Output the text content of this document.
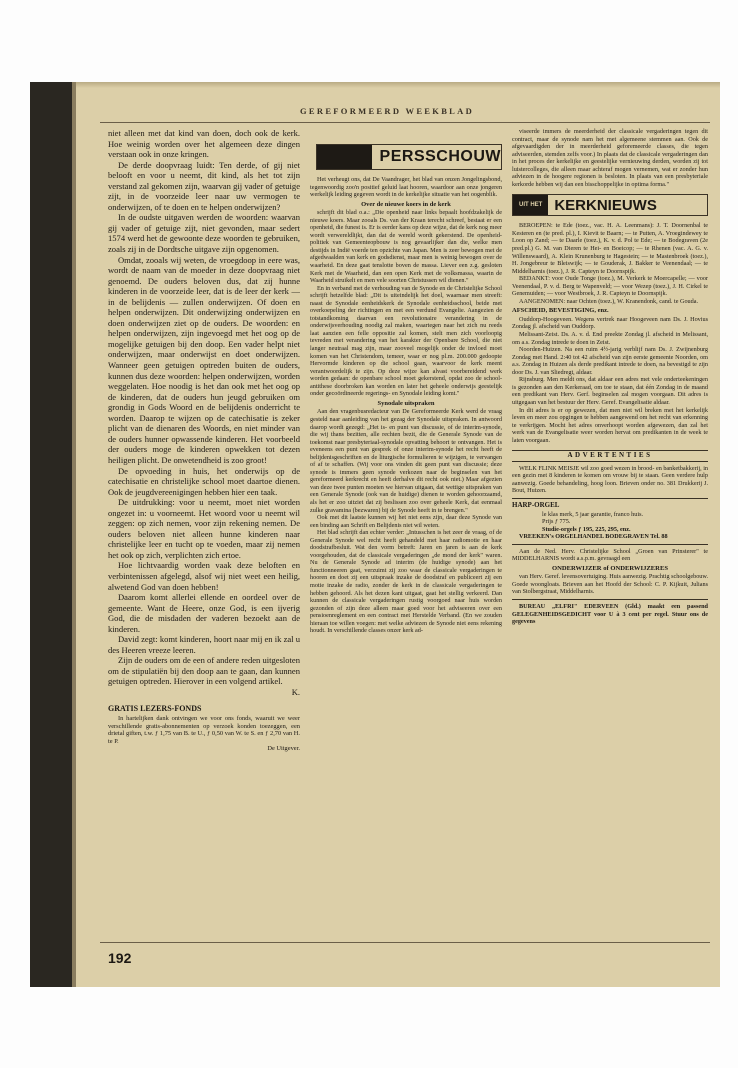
GEREFORMEERD WEEKBLAD

niet alleen met dat kind van doen, doch ook de kerk. Hoe weinig worden over het algemeen deze dingen verstaan ook in onze kringen.

De derde doopvraag luidt: Ten derde, of gij niet belooft en voor u neemt, dit kind, als het tot zijn verstand zal gekomen zijn, waarvan gij vader of getuige zijt, in de voorzeide leer naar uw vermogen te onderwijzen, of te doen en te helpen onderwijzen?

In de oudste uitgaven werden de woorden: waarvan gij vader of getuige zijt, niet gevonden, maar sedert 1574 werd het de gewoonte deze woorden te gebruiken, zoals zij in de Dordtsche uitgave zijn opgenomen.

Omdat, zooals wij weten, de vroegdoop in eere was, wordt de naam van de moeder in deze doopvraag niet genoemd. De ouders beloven dus, dat zij hunne kinderen in de voorzeide leer, dat is de leer der kerk — in de belijdenis — zullen onderwijzen. Of doen en helpen onderwijzen. Dit onderwijzing onderwijzen en doen onderwijzen ziet op de ouders. De woorden: en helpen onderwijzen, zijn ingevoegd met het oog op de mogelijke getuigen bij den doop. Een vader helpt niet onderwijzen, maar onderwijst en doet onderwijzen. Wanneer geen getuigen optreden buiten de ouders, kunnen dus deze woorden: helpen onderwijzen, worden weggelaten. Hoe noodig is het dan ook met het oog op de kinderen, dat de ouders hun jeugd gebruiken om grondig in Gods Woord en de belijdenis onderricht te worden. Daarop te wijzen op de catechisatie is zeker plicht van de dienaren des Woords, en niet minder van de ouders hunner opwassende kinderen. Het voorbeeld der ouders moge de kinderen opwekken tot dezen heiligen plicht. De onwetendheid is zoo groot!

De opvoeding in huis, het onderwijs op de catechisatie en christelijke school moet daartoe dienen. Ook de jeugdvereenigingen hebben hier een taak.

De uitdrukking: voor u neemt, moet niet worden ongezet in: u voorneemt. Het woord voor u neemt wil zeggen: op zich nemen, voor zijn rekening nemen. De ouders beloven niet alleen hunne kinderen naar christelijke leer en tucht op te voeden, maar zij nemen het ook op zich, verplichten zich ertoe.

Hoe lichtvaardig worden vaak deze beloften en verbintenissen afgelegd, alsof wij niet weet een heilig, alwetend God van doen hebben!

Daarom komt allerlei ellende en oordeel over de gemeente. Want de Heere, onze God, is een ijverig God, die de misdaden der vaderen bezoekt aan de kinderen.

David zegt: komt kinderen, hoort naar mij en ik zal u des Heeren vreeze leeren.

Zijn de ouders om de een of andere reden uitgesloten om de stipulatiën bij den doop aan te gaan, dan kunnen getuigen optreden. Hierover in een volgend artikel.

K.

GRATIS LEZERS-FONDS

In hartelijken dank ontvingen we voor ons fonds, waaruit we weer verschillende gratis-abonnementen op verzoek konden toezeggen, een drietal giften, t.w. ƒ 1,75 van B. te U., ƒ 0,50 van W. te S. en ƒ 2,70 van H. te P.

De Uitgever.

PERSSCHOUW

Het verheugt ons, dat De Vaandrager, het blad van onzen Jongelingsbond, tegenwoordig zoo'n positief geluid laat hooren, waardoor aan onze jongeren werkelijk leiding gegeven wordt in de kerkelijke situatie van het oogenblik.

Over de nieuwe koers in de kerk

schrijft dit blad o.a.: „Die openheid naar links bepaalt hoofdzakelijk de nieuwe koers. Maar zooals Ds. van der Kraan terecht schreef, bestaat er een openheid, die funest is. Er is eerder kans op deze wijze, dat de kerk nog meer wordt verwereldlijkt, dan dat de wereld wordt gekerstend. De openheid-politiek van Gemeenteopbouw is nog gevaarlijker dan die, welke men destijds in Indië voerde ten opzichte van Japan. Men is zeer bewogen met de afgedwaalden van kerk en godsdienst, maar men is weinig bewogen over de waarheid. En deze gaat tenslotte boven de massa. Liever een z.g. gesloten Kerk met de Waarheid, dan een open Kerk met de volksmassa, waarin de Waarheid struikelt en men vele soorten Christussen wil dienen."

En in verband met de verhouding van de Synode en de Christelijke School schrijft hetzelfde blad: „Dit is uiteindelijk het doel, waarnaar men streeft: naast de Synodale eenheidskerk de Synodale eenheidsschool, beide met overkoepeling der richtingen en met een verdund Evangelie. Aangezien de totstandkoming daarvan een revolutionaire verandering in de onderwijsverhouding noodig zal maken, waartegen naar het zich nu reeds laat aanzien een felle oppositie zal komen, stelt men zich voorloopig tevreden met verandering van het karakter der Openbare School, die niet langer neutraal mag zijn, maar zooveel mogelijk onder de invloed moet komen van het Christendom, temeer, waar er nog pl.m. 200.000 gedoopte Hervormde kinderen op die school gaan, waarvoor de kerk meent verantwoordelijk te zijn. Op deze wijze kan alvast voorbereidend werk worden gedaan: de openbare school moet gekerstend, opdat zoo de school-antithese doorbroken kan worden en later het geheele onderwijs geestelijk onder gecoördineerde regerings- en Synodale leiding komt."

Synodale uitspraken

Aan den vragenbusredacteur van De Gereformeerde Kerk werd de vraag gesteld naar aanleiding van het gezag der Synodale uitspraken. In antwoord daarop wordt gezegd: „Het is- en punt van discussie, of de interim-synode, die wij thans bezitten, alle rechten bezit, die de Generale Synode van de toekomst naar presbyteriaal-synodale opvatting behoort te ontvangen. Het is eveneens een punt van gesprek of onze interim-synode het recht heeft de belijdenisgeschriften en de liturgische formulieren te wijzigen, te vervangen of af te schaffen. (Wij voor ons vinden dit geen punt van discussie; deze synode is immers geen synode verkozen naar de beginselen van het gereformeerd kerkrecht en heeft derhalve dit recht ook niet.) Maar afgezien van deze twee punten moeten we hiervan uitgaan, dat wettige uitspraken van een Generale Synode (ook van de huidige) dienen te worden gehoorzaamd, als het er zoo uitziet dat zij beslissen zoo over geheele Kerk, dat eenmaal zulke gravamina (bezwaren) bij de Synode heeft in te brengen."

Ook met dit laatste kunnen wij het niet eens zijn, daar deze Synode van een binding aan Schrift en Belijdenis niet wil weten.

Het blad schrijft dan echter verder: „Intusschen is het zeer de vraag, of de Generale Synode wel recht heeft gehandeld met haar radiomotie en haar doodstrafbesluit. Wat den vorm betreft: Jaren en jaren is aan de kerk voorgehouden, dat de classicale vergaderingen „de mond der kerk" waren. Nu de Generale Synode ad interim (de huidige synode) aan het functionneeren gaat, verzuimt zij zoo waar de classicale vergaderingen te hooren en doet zij een uitspraak inzake de doodstraf en publiceert zij een motie inzake de radio, zonder de kerk in de classicale vergaderingen te hebben gehoord. Als het dezen kant uitgaat, gaat het stellig verkeerd. Dan kunnen de classicale vergaderingen rustig voorgoed naar huis worden gezonden of zijn deze alleen maar goed voor het adviseeren over een pensioenreglement en een contract met Herstelde Verband. (En we zouden hieraan toe willen voegen: met welke adviezen de Synode niet eens rekening houdt. In verschillende classes onzer kerk ad-

viseerde immers de meerderheid der classicale vergaderingen tegen dit contract, maar de synode nam het met algemeene stemmen aan. Ook de afgevaardigden der in meerderheid geforemeerde classes, die tegen adviseerden, stemden zelfs voor.) In plaats dat de classicale vergaderingen dan in het proces der kerkelijke en geestelijke vernieuwing derden, worden zij tot luistercolleges, die alleen maar achteraf mogen vernemen, wat er zonder hun adviezen in de hoogere regionen is besloten. In plaats van een presbyteriale kerkorde hebben wij dan een bisschoppelijke in optima forma."

UIT HET KERKNIEUWS

BEROEPEN: te Ede (toez., vac. H. A. Leenmans): J. T. Doornenbal te Kesteren en (te pred. pl.), I. Kievit te Baarn; — te Putten, A. Vroegindewey te Loon op Zand; — te Daarle (toez.), K. v. d. Pol te Ede; — te Bodegraven (2e pred.pl.) G. M. van Dieren te Hei- en Boeicop; — te Rhenen (vac. A. G. v. Willenswaard), A. Klein Krunenburg te Hagestein; — te Mastenbroek (toez.), H. Jongebreur te Bleiswijk; — te Gouderak, J. Bakker te Veenendaal; — te Middelharnis (toez.), J. R. Capteyn te Doornspijk.

BEDANKT: voor Oude Tonge (toez.), M. Verkerk te Moercapelle; — voor Veenendaal, P. v. d. Berg te Wapenveld; — voor Wezep (toez.), J. H. Cirkel te Genemuiden; — voor Westbroek, J. R. Capteyn te Doornspijk.

AANGENOMEN: naar Ochten (toez.), W. Kranendonk, cand. te Gouda.

AFSCHEID, BEVESTIGING, enz.

Ouddorp-Hoogeveen. Wegens vertrek naar Hoogeveen nam Ds. J. Hovius Zondag jl. afscheid van Ouddorp.

Melissant-Zeist. Ds. A. v. d. End preekte Zondag jl. afscheid in Melissant, om a.s. Zondag intrede te doen in Zeist.

Noorden-Huizen. Na een ruim 4½-jarig verblijf nam Ds. J. Zwijnenburg Zondag met Hand. 2:40 tot 42 afscheid van zijn eerste gemeente Noorden, om a.s. Zondag in Huizen als derde predikant intrede te doen, na bevestigd te zijn door Ds. J. van Sliedregt, aldaar.

Rijnsburg. Men meldt ons, dat aldaar een adres met vele onderteekeningen is gezonden aan den Kerkeraad, om toe te staan, dat één Zondag in de maand een predikant van Herv. Gerf. beginselen zal mogen voorgaan. Dit adres is uitgegaan van het bestuur der Herv. Geref. Evangelisatie aldaar.

In dit adres is er op gewezen, dat men niet wil breken met het kerkelijk leven en meer zou opgingen te hebben aangewend om het recht van erkenning te verkrijgen. Mocht het adres onverhoopt worden afgewezen, dan zal het werk van de Evangelisatie weer worden hervat om predikanten in de week te laten voorgaan.

ADVERTENTIES

WELK FLINK MEISJE wil zoo goed wezen in brood- en banketbakkerij, in een gezin met 8 kinderen te komen om vrouw bij te staan. Geen verdere hulp aanwezig. Goede behandeling, hoog loon. Brieven onder no. 381 Drukkerij J. Bout, Huizen.

HARP-ORGEL

le klas merk, 5 jaar garantie, franco huis.

Prijs ƒ 775.

Studie-orgels ƒ 195, 225, 295, enz.

VREEKEN's ORGELHANDEL BODEGRAVEN Tel. 88

Aan de Ned. Herv. Christelijke School „Groen van Prinsterer" te MIDDELHARNIS wordt a.s.p.m. gevraagd een

ONDERWIJZER of ONDERWIJZERES

van Herv. Geref. levensovertuiging. Huis aanwezig. Prachtig schoolgebouw. Goede woongloats. Brieven aan het Hoofd der School: C. P. Kijkuit, Julians van Stolbergstraat, Middelharnis.

BUREAU „ELFRI" EDERVEEN (Gld.) maakt een passend GELEGENHEIDSGEDICHT voor U à 3 cent per regel. Stuur ons de gegevens

192
